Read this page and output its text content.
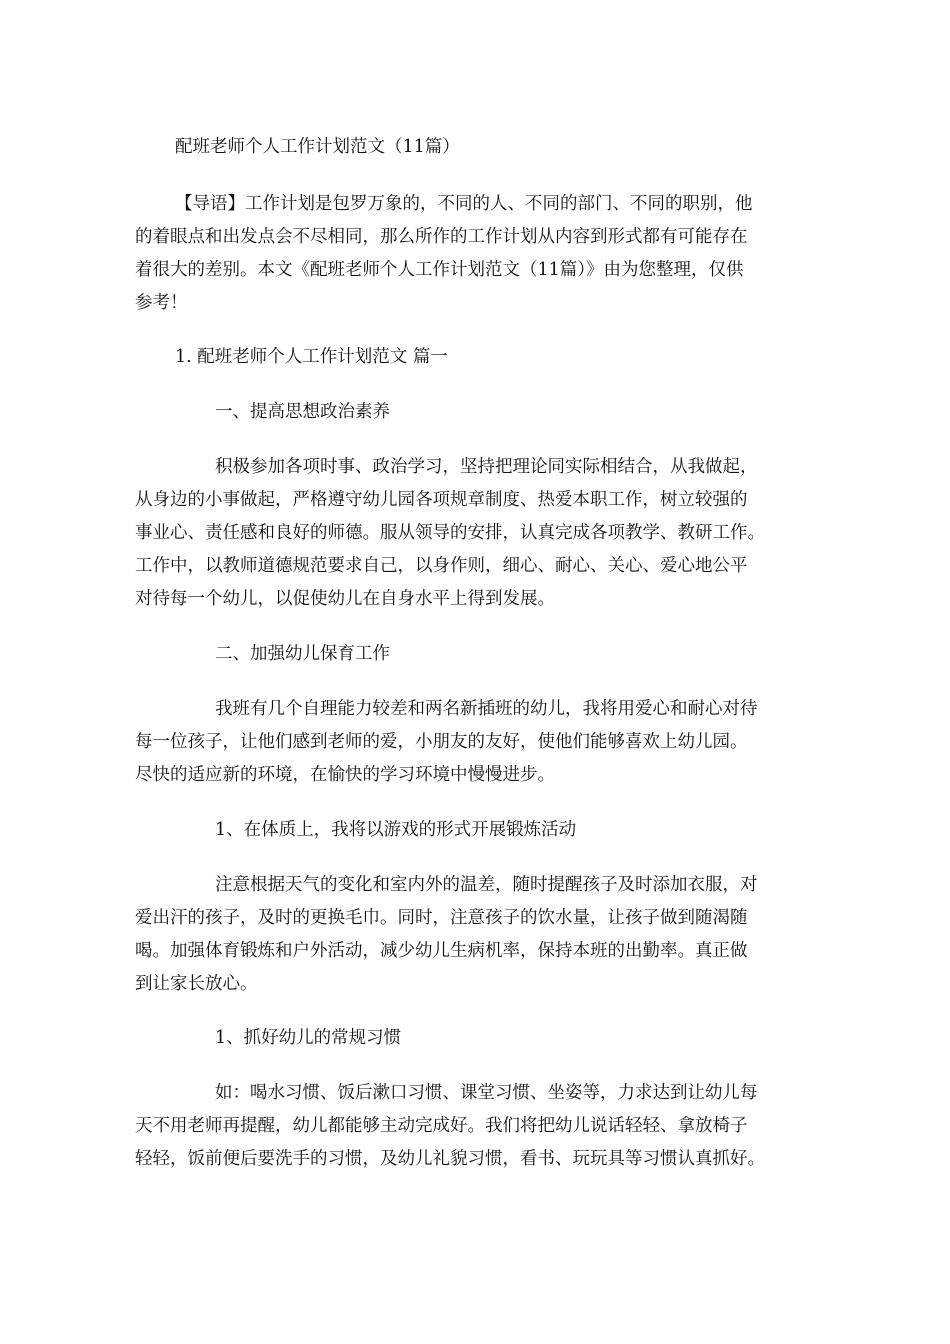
配班老师个人工作计划范文（11篇）

【导语】工作计划是包罗万象的，不同的人、不同的部门、不同的职别，他

的着眼点和出发点会不尽相同，那么所作的工作计划从内容到形式都有可能存在

着很大的差别。本文《配班老师个人工作计划范文（11篇）》由为您整理，仅供

参考！

1. 配班老师个人工作计划范文 篇一

一、提高思想政治素养

积极参加各项时事、政治学习，坚持把理论同实际相结合，从我做起，

从身边的小事做起，严格遵守幼儿园各项规章制度、热爱本职工作，树立较强的

事业心、责任感和良好的师德。服从领导的安排，认真完成各项教学、教研工作。

工作中，以教师道德规范要求自己，以身作则，细心、耐心、关心、爱心地公平

对待每一个幼儿，以促使幼儿在自身水平上得到发展。

二、加强幼儿保育工作

我班有几个自理能力较差和两名新插班的幼儿，我将用爱心和耐心对待

每一位孩子，让他们感到老师的爱，小朋友的友好，使他们能够喜欢上幼儿园。

尽快的适应新的环境，在愉快的学习环境中慢慢进步。

1、在体质上，我将以游戏的形式开展锻炼活动

注意根据天气的变化和室内外的温差，随时提醒孩子及时添加衣服，对

爱出汗的孩子，及时的更换毛巾。同时，注意孩子的饮水量，让孩子做到随渴随

喝。加强体育锻炼和户外活动，减少幼儿生病机率，保持本班的出勤率。真正做

到让家长放心。

1、抓好幼儿的常规习惯

如：喝水习惯、饭后漱口习惯、课堂习惯、坐姿等，力求达到让幼儿每

天不用老师再提醒，幼儿都能够主动完成好。我们将把幼儿说话轻轻、拿放椅子

轻轻，饭前便后要洗手的习惯，及幼儿礼貌习惯，看书、玩玩具等习惯认真抓好。
